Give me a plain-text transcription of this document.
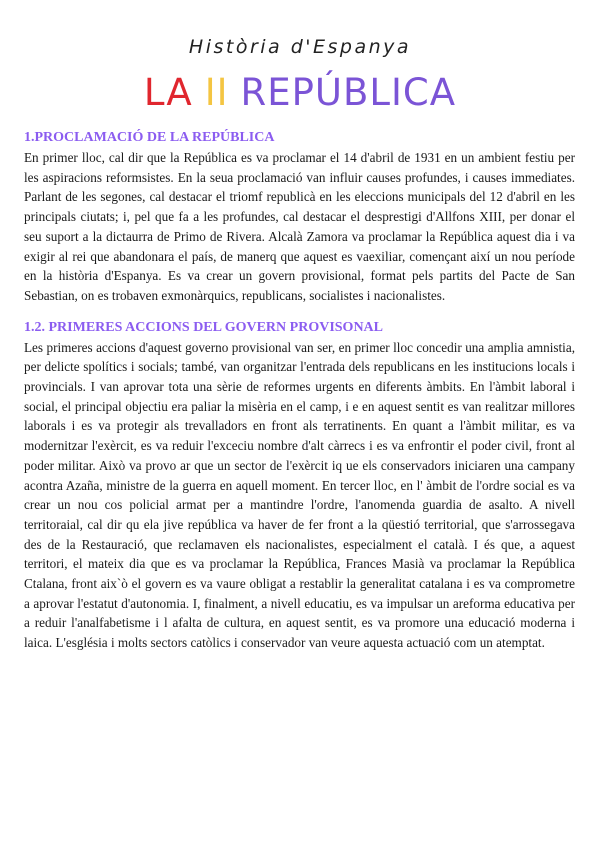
Història d'Espanya
LA II REPÚBLICA
1.PROCLAMACIÓ DE LA REPÚBLICA

En primer lloc, cal dir que la República es va proclamar el 14 d'abril de 1931 en un ambient festiu per les aspiracions reformsistes. En la seua proclamació van influir causes profundes, i causes immediates. Parlant de les segones, cal destacar el triomf republicà en les eleccions municipals del 12 d'abril en les principals ciutats; i, pel que fa a les profundes, cal destacar el desprestigi d'Allfons XIII, per donar el seu suport a la dictaurra de Primo de Rivera. Alcalà Zamora va proclamar la República aquest dia i va exigir al rei que abandonara el país, de manerq que aquest es vaexiliar, començant així un nou període en la història d'Espanya. Es va crear un govern provisional, format pels partits del Pacte de San Sebastian, on es trobaven exmonàrquics, republicans, socialistes i nacionalistes.

1.2. PRIMERES ACCIONS DEL GOVERN PROVISONAL

Les primeres accions d'aquest governo provisional van ser, en primer lloc concedir una amplia amnistia, per delicte spolítics i socials; també, van organitzar l'entrada dels republicans en les institucions locals i provincials. I van aprovar tota una sèrie de reformes urgents en diferents àmbits. En l'àmbit laboral i social, el principal objectiu era paliar la misèria en el camp, i e en aquest sentit es van realitzar millores laborals i es va protegir als trevalladors en front als terratinents. En quant a l'àmbit militar, es va modernitzar l'exèrcit, es va reduir l'exceciu nombre d'alt càrrecs i es va enfrontir el poder civil, front al poder militar. Això va provo ar que un sector de l'exèrcit iq ue els conservadors iniciaren una campany acontra Azaña, ministre de la guerra en aquell moment. En tercer lloc, en l' àmbit de l'ordre social es va crear un nou cos policial armat per a mantindre l'ordre, l'anomenda guardia de asalto. A nivell territoraial, cal dir qu ela jive república va haver de fer front a la qüestió territorial, que s'arrossegava des de la Restauració, que reclamaven els nacionalistes, especialment el català. I és que, a aquest territori, el mateix dia que es va proclamar la República, Frances Masià va proclamar la República Ctalana, front aix`ò el govern es va vaure obligat a restablir la generalitat catalana i es va comprometre a aprovar l'estatut d'autonomia. I, finalment, a nivell educatiu, es va impulsar un areforma educativa per a reduir l'analfabetisme i l afalta de cultura, en aquest sentit, es va promore una educació moderna i laica. L'església i molts sectors catòlics i conservador van veure aquesta actuació com un atemptat.
